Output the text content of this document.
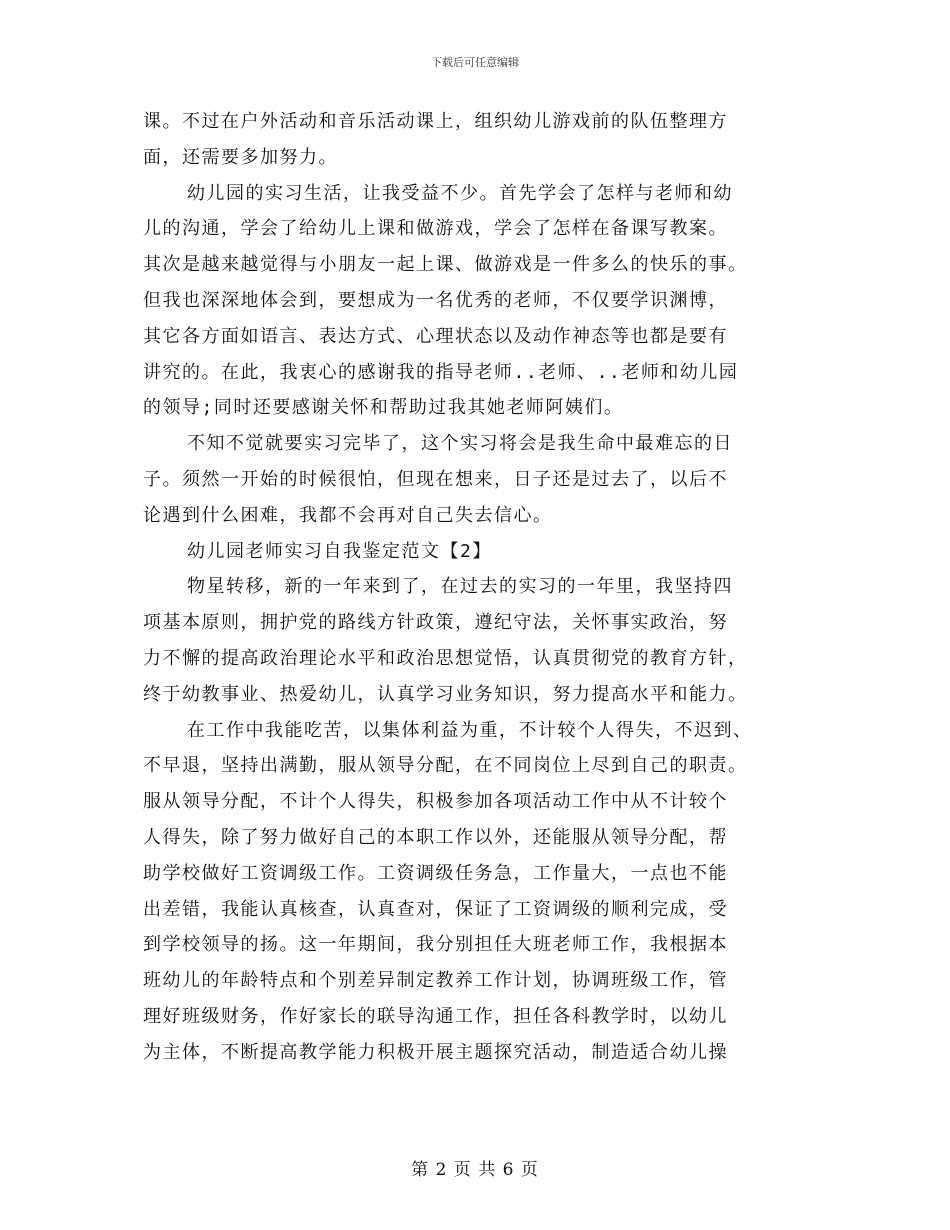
下载后可任意编辑
课。不过在户外活动和音乐活动课上，组织幼儿游戏前的队伍整理方
面，还需要多加努力。
幼儿园的实习生活，让我受益不少。首先学会了怎样与老师和幼
儿的沟通，学会了给幼儿上课和做游戏，学会了怎样在备课写教案。
其次是越来越觉得与小朋友一起上课、做游戏是一件多么的快乐的事。
但我也深深地体会到，要想成为一名优秀的老师，不仅要学识渊博，
其它各方面如语言、表达方式、心理状态以及动作神态等也都是要有
讲究的。在此，我衷心的感谢我的指导老师..老师、..老师和幼儿园
的领导;同时还要感谢关怀和帮助过我其她老师阿姨们。
不知不觉就要实习完毕了，这个实习将会是我生命中最难忘的日
子。须然一开始的时候很怕，但现在想来，日子还是过去了，以后不
论遇到什么困难，我都不会再对自己失去信心。
幼儿园老师实习自我鉴定范文【2】
物星转移，新的一年来到了，在过去的实习的一年里，我坚持四
项基本原则，拥护党的路线方针政策，遵纪守法，关怀事实政治，努
力不懈的提高政治理论水平和政治思想觉悟，认真贯彻党的教育方针，
终于幼教事业、热爱幼儿，认真学习业务知识，努力提高水平和能力。
在工作中我能吃苦，以集体利益为重，不计较个人得失，不迟到、
不早退，坚持出满勤，服从领导分配，在不同岗位上尽到自己的职责。
服从领导分配，不计个人得失，积极参加各项活动工作中从不计较个
人得失，除了努力做好自己的本职工作以外，还能服从领导分配，帮
助学校做好工资调级工作。工资调级任务急，工作量大，一点也不能
出差错，我能认真核查，认真查对，保证了工资调级的顺利完成，受
到学校领导的扬。这一年期间，我分别担任大班老师工作，我根据本
班幼儿的年龄特点和个别差异制定教养工作计划，协调班级工作，管
理好班级财务，作好家长的联导沟通工作，担任各科教学时，以幼儿
为主体，不断提高教学能力积极开展主题探究活动，制造适合幼儿操
第 2 页 共 6 页
